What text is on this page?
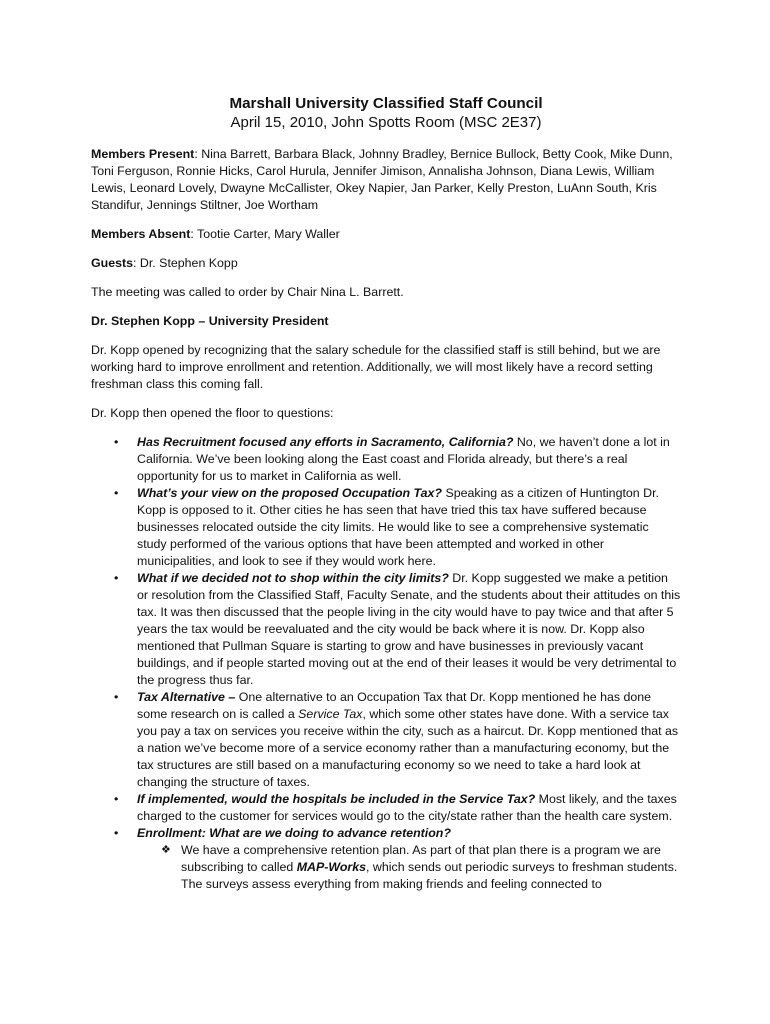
Marshall University Classified Staff Council

April 15, 2010, John Spotts Room (MSC 2E37)

Members Present: Nina Barrett, Barbara Black, Johnny Bradley, Bernice Bullock, Betty Cook, Mike Dunn, Toni Ferguson, Ronnie Hicks, Carol Hurula, Jennifer Jimison, Annalisha Johnson, Diana Lewis, William Lewis, Leonard Lovely, Dwayne McCallister, Okey Napier, Jan Parker, Kelly Preston, LuAnn South, Kris Standifur, Jennings Stiltner, Joe Wortham

Members Absent: Tootie Carter, Mary Waller

Guests: Dr. Stephen Kopp

The meeting was called to order by Chair Nina L. Barrett.

Dr. Stephen Kopp – University President

Dr. Kopp opened by recognizing that the salary schedule for the classified staff is still behind, but we are working hard to improve enrollment and retention. Additionally, we will most likely have a record setting freshman class this coming fall.

Dr. Kopp then opened the floor to questions:

• Has Recruitment focused any efforts in Sacramento, California? No, we haven’t done a lot in California. We’ve been looking along the East coast and Florida already, but there’s a real opportunity for us to market in California as well.
• What’s your view on the proposed Occupation Tax? Speaking as a citizen of Huntington Dr. Kopp is opposed to it. Other cities he has seen that have tried this tax have suffered because businesses relocated outside the city limits. He would like to see a comprehensive systematic study performed of the various options that have been attempted and worked in other municipalities, and look to see if they would work here.
• What if we decided not to shop within the city limits? Dr. Kopp suggested we make a petition or resolution from the Classified Staff, Faculty Senate, and the students about their attitudes on this tax. It was then discussed that the people living in the city would have to pay twice and that after 5 years the tax would be reevaluated and the city would be back where it is now. Dr. Kopp also mentioned that Pullman Square is starting to grow and have businesses in previously vacant buildings, and if people started moving out at the end of their leases it would be very detrimental to the progress thus far.
• Tax Alternative – One alternative to an Occupation Tax that Dr. Kopp mentioned he has done some research on is called a Service Tax, which some other states have done. With a service tax you pay a tax on services you receive within the city, such as a haircut. Dr. Kopp mentioned that as a nation we’ve become more of a service economy rather than a manufacturing economy, but the tax structures are still based on a manufacturing economy so we need to take a hard look at changing the structure of taxes.
• If implemented, would the hospitals be included in the Service Tax? Most likely, and the taxes charged to the customer for services would go to the city/state rather than the health care system.
• Enrollment: What are we doing to advance retention?
❖ We have a comprehensive retention plan. As part of that plan there is a program we are subscribing to called MAP-Works, which sends out periodic surveys to freshman students. The surveys assess everything from making friends and feeling connected to
